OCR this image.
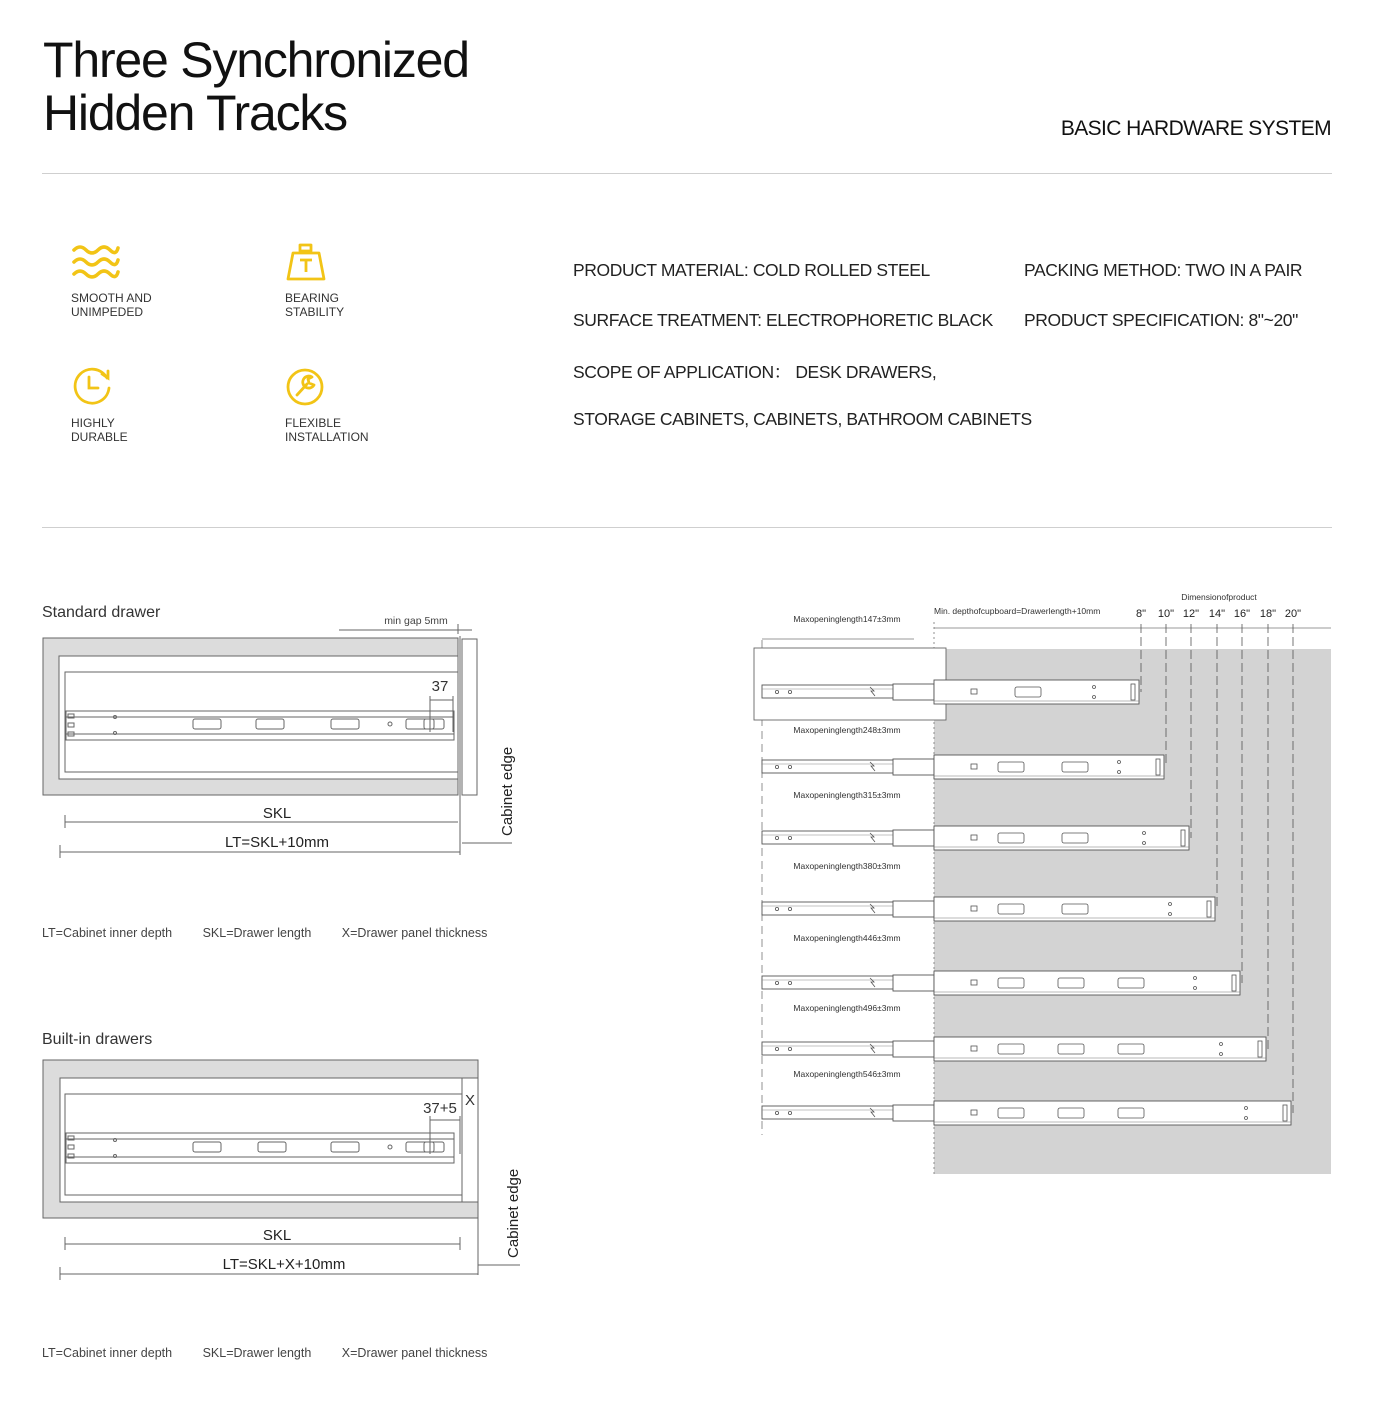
Three Synchronized
Hidden Tracks	BASIC HARDWARE SYSTEM
SMOOTH AND
UNIMPEDED
BEARING
STABILITY
HIGHLY
DURABLE
FLEXIBLE
INSTALLATION
PRODUCT MATERIAL: COLD ROLLED STEEL	PACKING METHOD: TWO IN A PAIR
SURFACE TREATMENT: ELECTROPHORETIC BLACK PRODUCT SPECIFICATION: 8"~20"
SCOPE OF APPLICATION： DESK DRAWERS,
STORAGE CABINETS, CABINETS, BATHROOM CABINETS
Standard drawer
37
min gap 5mm
SKL
LT=SKL+10mm
Cabinet edge
LT=Cabinet inner depth SKL=Drawer length X=Drawer panel thickness
Built-in drawers
37+5 X
SKL
LT=SKL+X+10mm
Cabinet edge
LT=Cabinet inner depth SKL=Drawer length X=Drawer panel thickness
Dimensionofproduct
Min. depthofcupboard=Drawerlength+10mm	8" 10" 12" 14" 16" 18" 20"
Maxopeninglength147±3mm
Maxopeninglength248±3mm
Maxopeninglength315±3mm
Maxopeninglength380±3mm
Maxopeninglength446±3mm
Maxopeninglength496±3mm
Maxopeninglength546±3mm
